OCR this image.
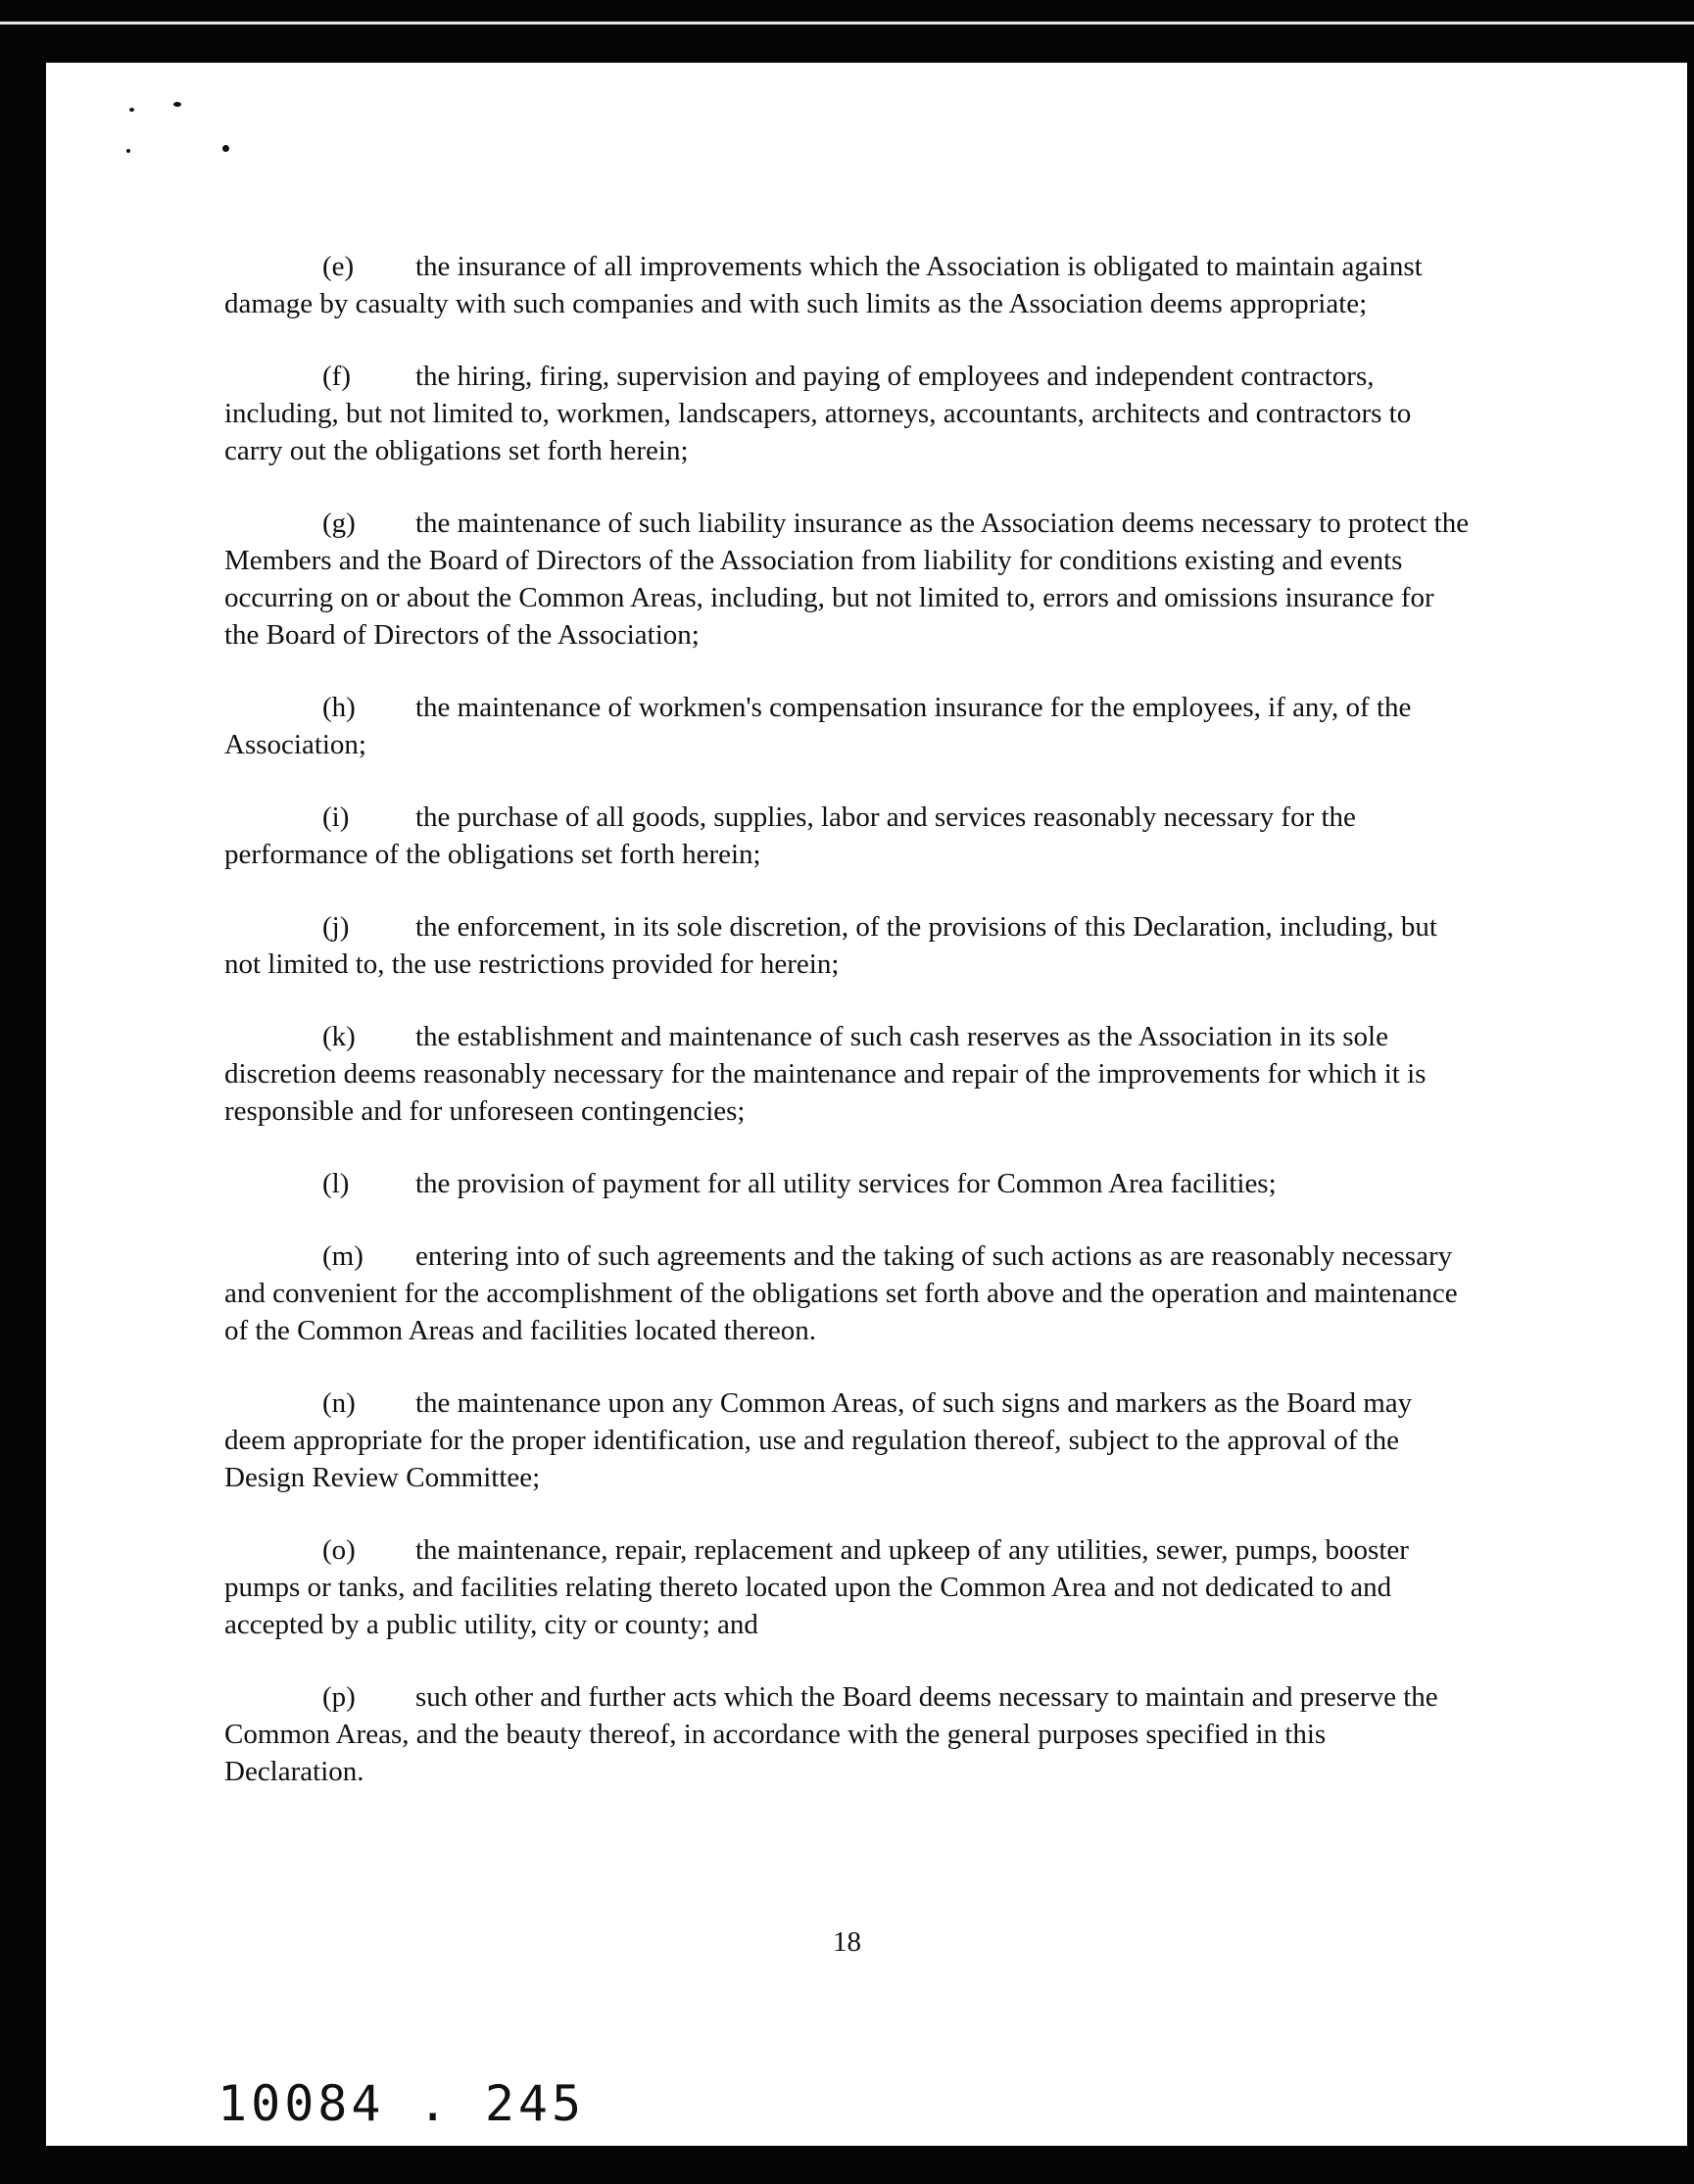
(e) the insurance of all improvements which the Association is obligated to maintain against damage by casualty with such companies and with such limits as the Association deems appropriate;

(f) the hiring, firing, supervision and paying of employees and independent contractors, including, but not limited to, workmen, landscapers, attorneys, accountants, architects and contractors to carry out the obligations set forth herein;

(g) the maintenance of such liability insurance as the Association deems necessary to protect the Members and the Board of Directors of the Association from liability for conditions existing and events occurring on or about the Common Areas, including, but not limited to, errors and omissions insurance for the Board of Directors of the Association;

(h) the maintenance of workmen's compensation insurance for the employees, if any, of the Association;

(i) the purchase of all goods, supplies, labor and services reasonably necessary for the performance of the obligations set forth herein;

(j) the enforcement, in its sole discretion, of the provisions of this Declaration, including, but not limited to, the use restrictions provided for herein;

(k) the establishment and maintenance of such cash reserves as the Association in its sole discretion deems reasonably necessary for the maintenance and repair of the improvements for which it is responsible and for unforeseen contingencies;

(l) the provision of payment for all utility services for Common Area facilities;

(m) entering into of such agreements and the taking of such actions as are reasonably necessary and convenient for the accomplishment of the obligations set forth above and the operation and maintenance of the Common Areas and facilities located thereon.

(n) the maintenance upon any Common Areas, of such signs and markers as the Board may deem appropriate for the proper identification, use and regulation thereof, subject to the approval of the Design Review Committee;

(o) the maintenance, repair, replacement and upkeep of any utilities, sewer, pumps, booster pumps or tanks, and facilities relating thereto located upon the Common Area and not dedicated to and accepted by a public utility, city or county; and

(p) such other and further acts which the Board deems necessary to maintain and preserve the Common Areas, and the beauty thereof, in accordance with the general purposes specified in this Declaration.

18
10084 . 245
